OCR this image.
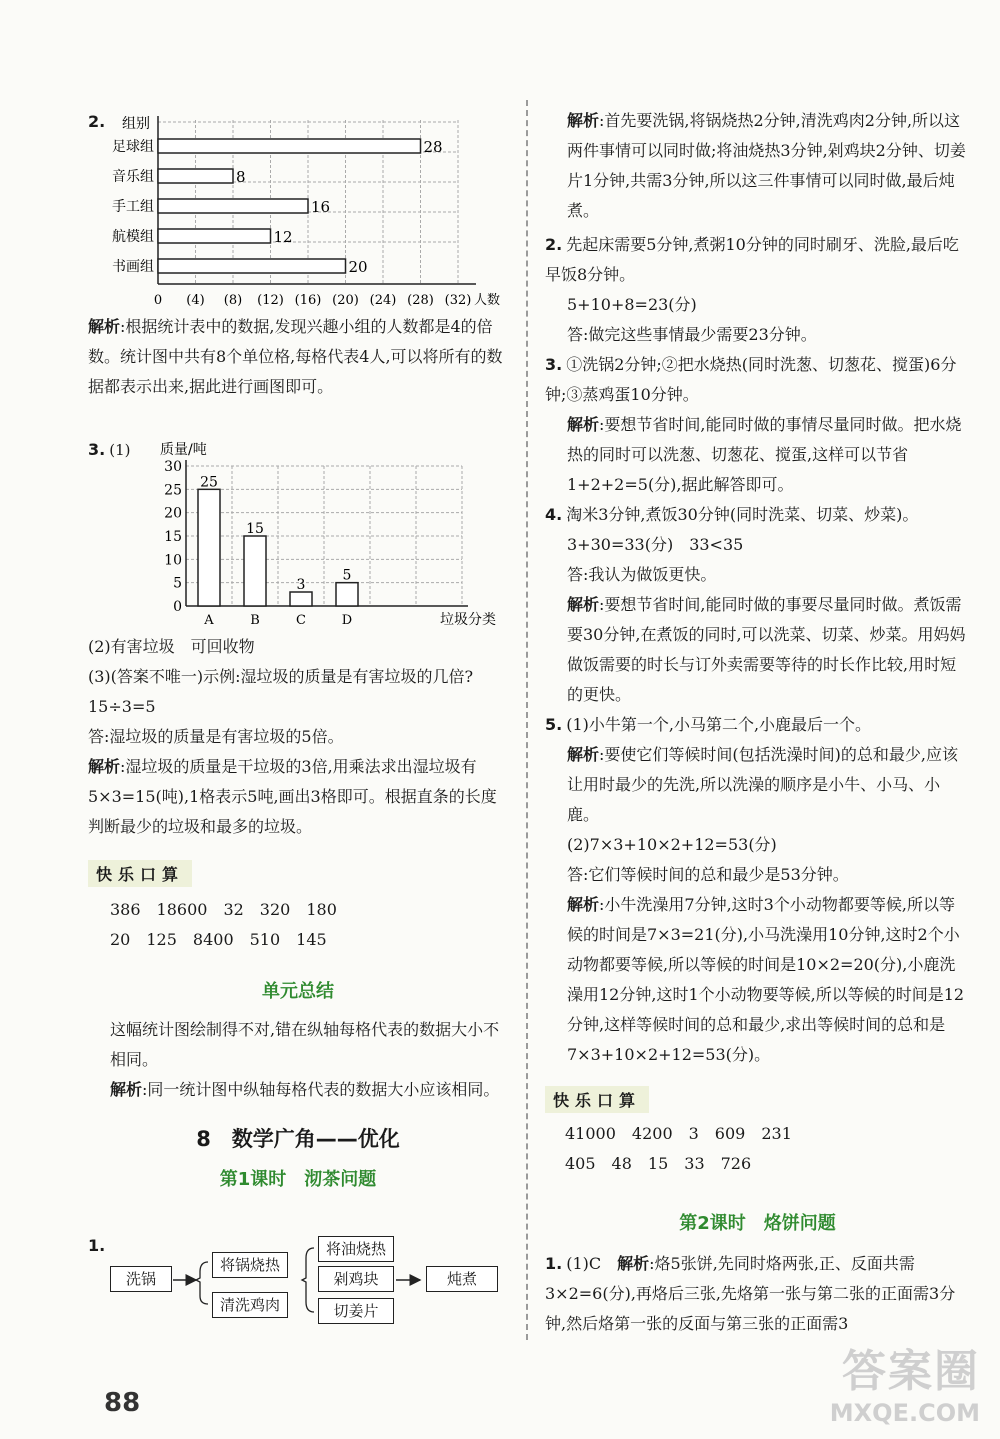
2. 组别
足球组	28
音乐组	8
手工组	16
航模组	12
书画组	20
0 (4) (8) (12) (16) (20) (24) (28) (32) 人数

解析:根据统计表中的数据,发现兴趣小组的人数都是4的倍数。统计图中共有8个单位格,每格代表4人,可以将所有的数据都表示出来,据此进行画图即可。

3. (1)
30
25
20
15
10
5
0
质量/吨
25
A
15
B
3
C
5
D	垃圾分类

(2)有害垃圾　可回收物

(3)(答案不唯一)示例:湿垃圾的质量是有害垃圾的几倍? 15÷3=5

答:湿垃圾的质量是有害垃圾的5倍。

解析:湿垃圾的质量是干垃圾的3倍,用乘法求出湿垃圾有5×3=15(吨),1格表示5吨,画出3格即可。根据直条的长度判断最少的垃圾和最多的垃圾。

快乐口算

386　18600　32　320　180

20　125　8400　510　145

单元总结

这幅统计图绘制得不对,错在纵轴每格代表的数据大小不相同。

解析:同一统计图中纵轴每格代表的数据大小应该相同。

8　数学广角——优化
第1课时　沏茶问题
1.
洗锅
将锅烧热
清洗鸡肉
将油烧热
剁鸡块
切姜片
炖煮

解析:首先要洗锅,将锅烧热2分钟,清洗鸡肉2分钟,所以这两件事情可以同时做;将油烧热3分钟,剁鸡块2分钟、切姜片1分钟,共需3分钟,所以这三件事情可以同时做,最后炖煮。

2. 先起床需要5分钟,煮粥10分钟的同时刷牙、洗脸,最后吃早饭8分钟。

5+10+8=23(分)

答:做完这些事情最少需要23分钟。

3. ①洗锅2分钟;②把水烧热(同时洗葱、切葱花、搅蛋)6分钟;③蒸鸡蛋10分钟。

解析:要想节省时间,能同时做的事情尽量同时做。把水烧热的同时可以洗葱、切葱花、搅蛋,这样可以节省1+2+2=5(分),据此解答即可。

4. 淘米3分钟,煮饭30分钟(同时洗菜、切菜、炒菜)。

3+30=33(分)　33<35

答:我认为做饭更快。

解析:要想节省时间,能同时做的事要尽量同时做。煮饭需要30分钟,在煮饭的同时,可以洗菜、切菜、炒菜。用妈妈做饭需要的时长与订外卖需要等待的时长作比较,用时短的更快。

5. (1)小牛第一个,小马第二个,小鹿最后一个。

解析:要使它们等候时间(包括洗澡时间)的总和最少,应该让用时最少的先洗,所以洗澡的顺序是小牛、小马、小鹿。

(2)7×3+10×2+12=53(分)

答:它们等候时间的总和最少是53分钟。

解析:小牛洗澡用7分钟,这时3个小动物都要等候,所以等候的时间是7×3=21(分),小马洗澡用10分钟,这时2个小动物都要等候,所以等候的时间是10×2=20(分),小鹿洗澡用12分钟,这时1个小动物要等候,所以等候的时间是12分钟,这样等候时间的总和最少,求出等候时间的总和是7×3+10×2+12=53(分)。

快乐口算

41000　4200　3　609　231

405　48　15　33　726

第2课时　烙饼问题

1. (1)C　解析:烙5张饼,先同时烙两张,正、反面共需3×2=6(分),再烙后三张,先烙第一张与第二张的正面需3分钟,然后烙第一张的反面与第三张的正面需3

88
答案圈
MXQE.COM
